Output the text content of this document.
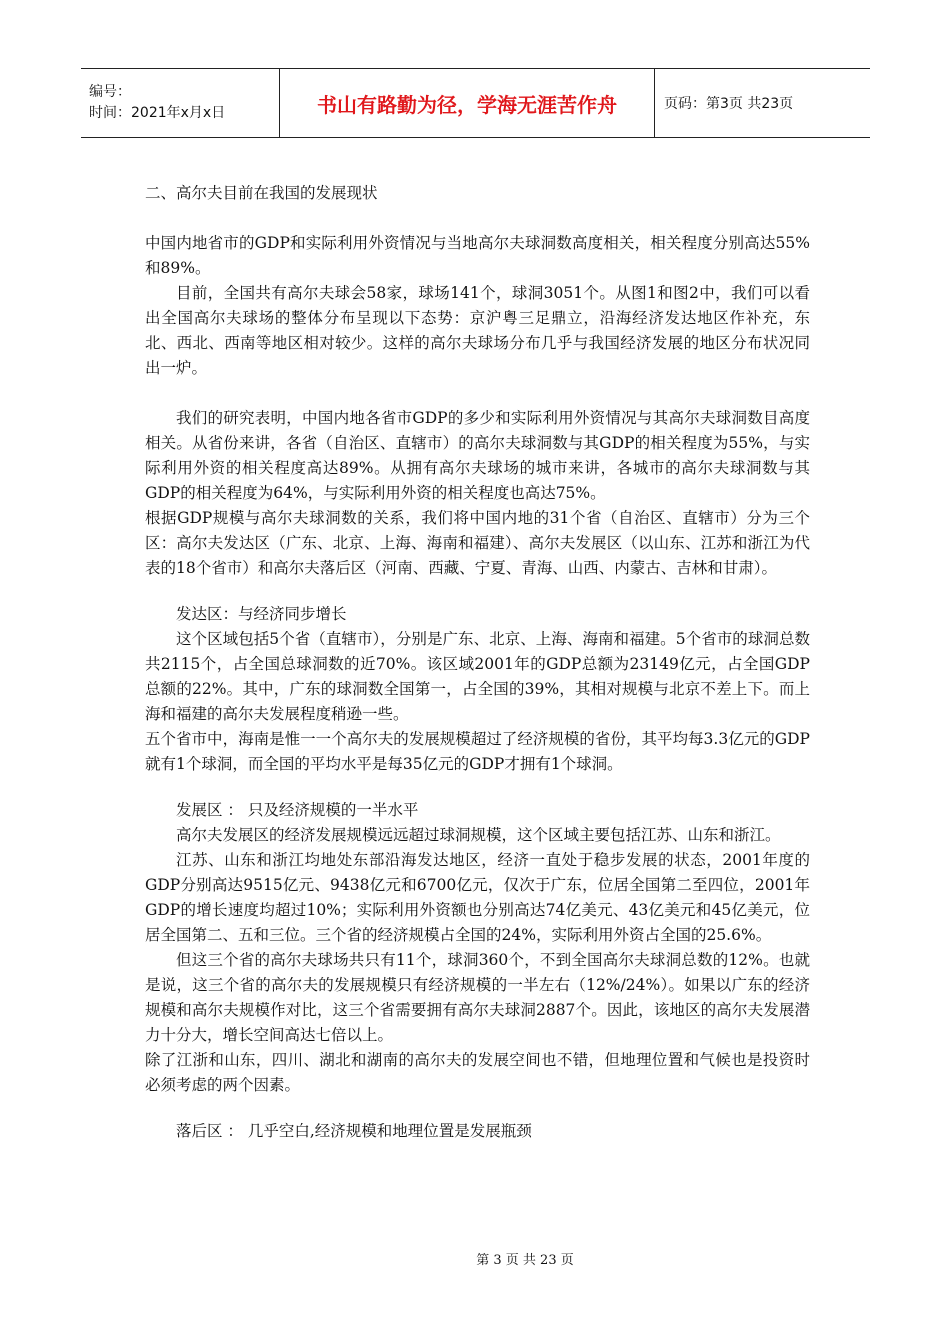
编号：
时间：2021年x月x日	书山有路勤为径，学海无涯苦作舟	页码：第3页 共23页

二、高尔夫目前在我国的发展现状

中国内地省市的GDP和实际利用外资情况与当地高尔夫球洞数高度相关，相关程度分别高达55%和89%。

目前，全国共有高尔夫球会58家，球场141个，球洞3051个。从图1和图2中，我们可以看出全国高尔夫球场的整体分布呈现以下态势：京沪粤三足鼎立，沿海经济发达地区作补充，东北、西北、西南等地区相对较少。这样的高尔夫球场分布几乎与我国经济发展的地区分布状况同出一炉。

我们的研究表明，中国内地各省市GDP的多少和实际利用外资情况与其高尔夫球洞数目高度相关。从省份来讲，各省（自治区、直辖市）的高尔夫球洞数与其GDP的相关程度为55%，与实际利用外资的相关程度高达89%。从拥有高尔夫球场的城市来讲，各城市的高尔夫球洞数与其GDP的相关程度为64%，与实际利用外资的相关程度也高达75%。

根据GDP规模与高尔夫球洞数的关系，我们将中国内地的31个省（自治区、直辖市）分为三个区：高尔夫发达区（广东、北京、上海、海南和福建）、高尔夫发展区（以山东、江苏和浙江为代表的18个省市）和高尔夫落后区（河南、西藏、宁夏、青海、山西、内蒙古、吉林和甘肃）。

发达区：与经济同步增长

这个区域包括5个省（直辖市），分别是广东、北京、上海、海南和福建。5个省市的球洞总数共2115个，占全国总球洞数的近70%。该区域2001年的GDP总额为23149亿元，占全国GDP总额的22%。其中，广东的球洞数全国第一，占全国的39%，其相对规模与北京不差上下。而上海和福建的高尔夫发展程度稍逊一些。

五个省市中，海南是惟一一个高尔夫的发展规模超过了经济规模的省份，其平均每3.3亿元的GDP就有1个球洞，而全国的平均水平是每35亿元的GDP才拥有1个球洞。

发展区 ： 只及经济规模的一半水平

高尔夫发展区的经济发展规模远远超过球洞规模，这个区域主要包括江苏、山东和浙江。

江苏、山东和浙江均地处东部沿海发达地区，经济一直处于稳步发展的状态，2001年度的GDP分别高达9515亿元、9438亿元和6700亿元，仅次于广东，位居全国第二至四位，2001年GDP的增长速度均超过10%；实际利用外资额也分别高达74亿美元、43亿美元和45亿美元，位居全国第二、五和三位。三个省的经济规模占全国的24%，实际利用外资占全国的25.6%。

但这三个省的高尔夫球场共只有11个，球洞360个，不到全国高尔夫球洞总数的12%。也就是说，这三个省的高尔夫的发展规模只有经济规模的一半左右（12%/24%）。如果以广东的经济规模和高尔夫规模作对比，这三个省需要拥有高尔夫球洞2887个。因此，该地区的高尔夫发展潜力十分大，增长空间高达七倍以上。

除了江浙和山东，四川、湖北和湖南的高尔夫的发展空间也不错，但地理位置和气候也是投资时必须考虑的两个因素。

落后区 ： 几乎空白,经济规模和地理位置是发展瓶颈

第 3 页 共 23 页
